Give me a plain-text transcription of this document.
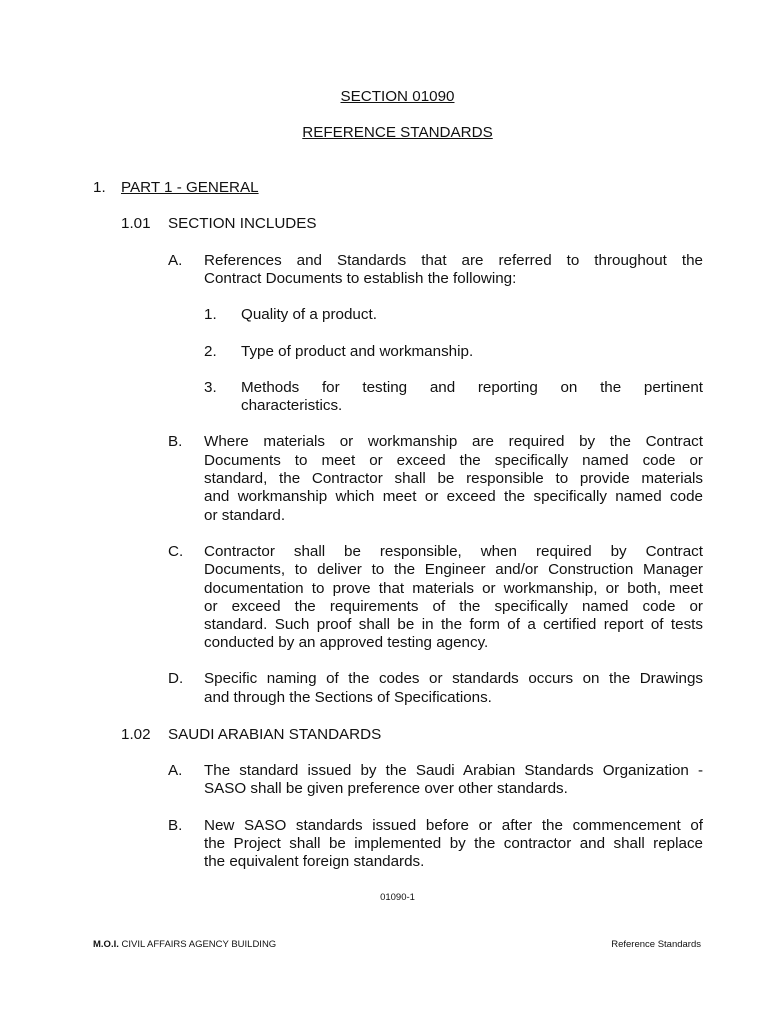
SECTION 01090
REFERENCE STANDARDS
1. PART 1 - GENERAL
1.01 SECTION INCLUDES
A. References and Standards that are referred to throughout the
Contract Documents to establish the following:
1. Quality of a product.
2. Type of product and workmanship.
3. Methods for testing and reporting on the pertinent
characteristics.
B. Where materials or workmanship are required by the Contract
Documents to meet or exceed the specifically named code or
standard, the Contractor shall be responsible to provide materials
and workmanship which meet or exceed the specifically named code
or standard.
C. Contractor shall be responsible, when required by Contract
Documents, to deliver to the Engineer and/or Construction Manager
documentation to prove that materials or workmanship, or both, meet
or exceed the requirements of the specifically named code or
standard. Such proof shall be in the form of a certified report of tests
conducted by an approved testing agency.
D. Specific naming of the codes or standards occurs on the Drawings
and through the Sections of Specifications.
1.02 SAUDI ARABIAN STANDARDS
A. The standard issued by the Saudi Arabian Standards Organization -
SASO shall be given preference over other standards.
B. New SASO standards issued before or after the commencement of
the Project shall be implemented by the contractor and shall replace
the equivalent foreign standards.
01090-1
M.O.I. CIVIL AFFAIRS AGENCY BUILDING	Reference Standards
